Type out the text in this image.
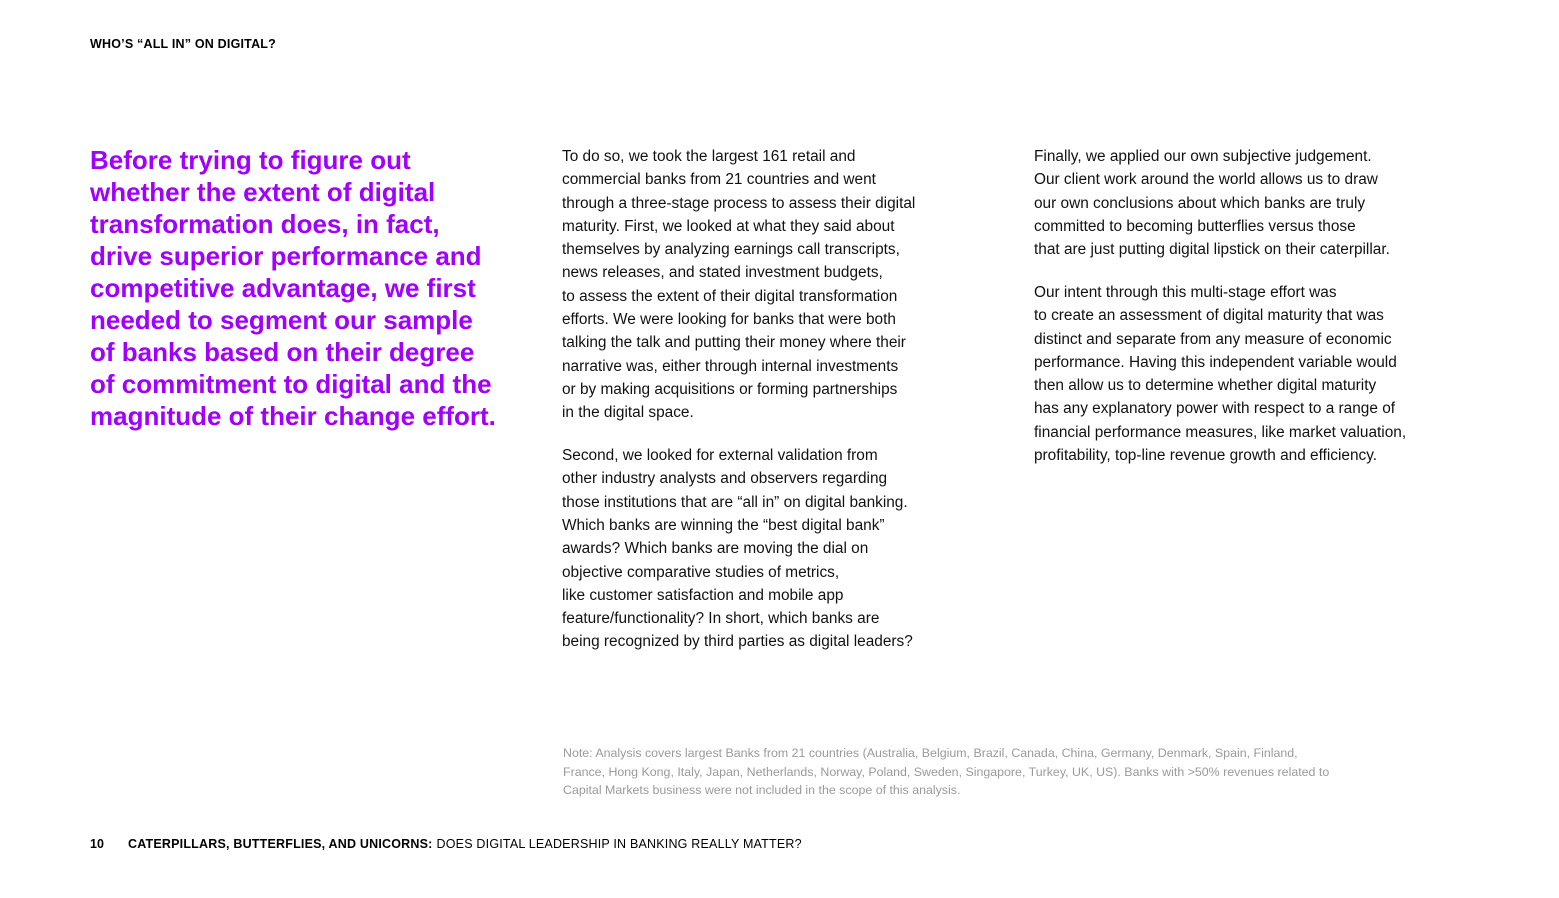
WHO’S “ALL IN” ON DIGITAL?
Before trying to figure out
whether the extent of digital
transformation does, in fact,
drive superior performance and
competitive advantage, we first
needed to segment our sample
of banks based on their degree
of commitment to digital and the
magnitude of their change effort.

To do so, we took the largest 161 retail and
commercial banks from 21 countries and went
through a three-stage process to assess their digital
maturity. First, we looked at what they said about
themselves by analyzing earnings call transcripts,
news releases, and stated investment budgets,
to assess the extent of their digital transformation
efforts. We were looking for banks that were both
talking the talk and putting their money where their
narrative was, either through internal investments
or by making acquisitions or forming partnerships
in the digital space.

Second, we looked for external validation from
other industry analysts and observers regarding
those institutions that are “all in” on digital banking.
Which banks are winning the “best digital bank”
awards? Which banks are moving the dial on
objective comparative studies of metrics,
like customer satisfaction and mobile app
feature/functionality? In short, which banks are
being recognized by third parties as digital leaders?

Finally, we applied our own subjective judgement.
Our client work around the world allows us to draw
our own conclusions about which banks are truly
committed to becoming butterflies versus those
that are just putting digital lipstick on their caterpillar.

Our intent through this multi-stage effort was
to create an assessment of digital maturity that was
distinct and separate from any measure of economic
performance. Having this independent variable would
then allow us to determine whether digital maturity
has any explanatory power with respect to a range of
financial performance measures, like market valuation,
profitability, top-line revenue growth and efficiency.

Note: Analysis covers largest Banks from 21 countries (Australia, Belgium, Brazil, Canada, China, Germany, Denmark, Spain, Finland,
France, Hong Kong, Italy, Japan, Netherlands, Norway, Poland, Sweden, Singapore, Turkey, UK, US). Banks with >50% revenues related to
Capital Markets business were not included in the scope of this analysis.
10	CATERPILLARS, BUTTERFLIES, AND UNICORNS: DOES DIGITAL LEADERSHIP IN BANKING REALLY MATTER?
